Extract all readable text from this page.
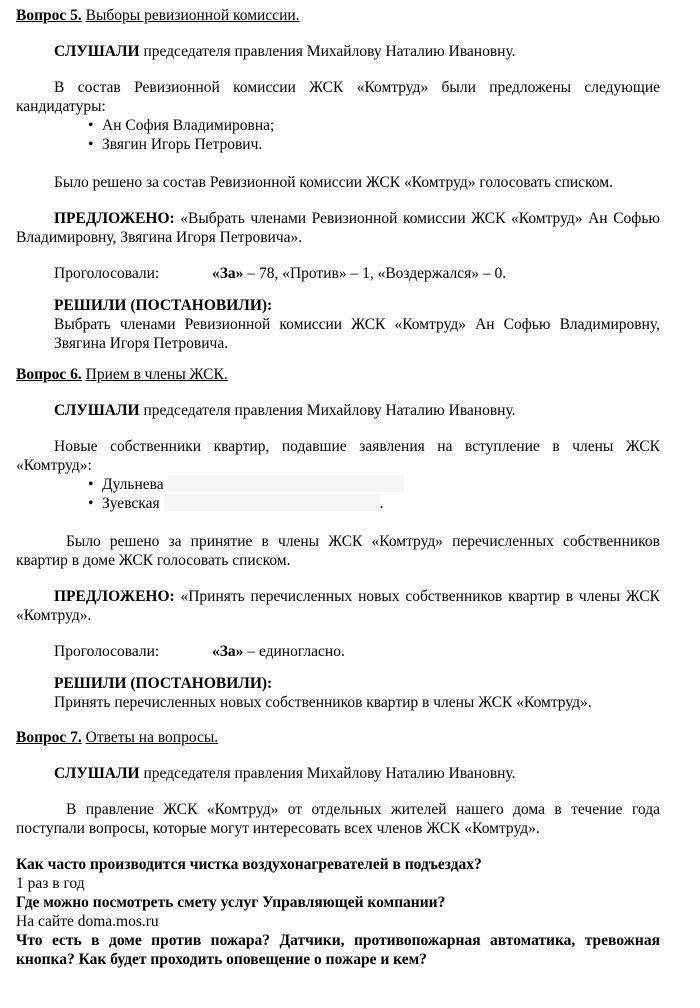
Вопрос 5. Выборы ревизионной комиссии.

СЛУШАЛИ председателя правления Михайлову Наталию Ивановну.

В состав Ревизионной комиссии ЖСК «Комтруд» были предложены следующие кандидатуры:

• Ан София Владимировна;
• Звягин Игорь Петрович.

Было решено за состав Ревизионной комиссии ЖСК «Комтруд» голосовать списком.

ПРЕДЛОЖЕНО: «Выбрать членами Ревизионной комиссии ЖСК «Комтруд» Ан Софью Владимировну, Звягина Игоря Петровича».

Проголосовали:	«За» – 78, «Против» – 1, «Воздержался» – 0.

РЕШИЛИ (ПОСТАНОВИЛИ):

Выбрать членами Ревизионной комиссии ЖСК «Комтруд» Ан Софью Владимировну, Звягина Игоря Петровича.

Вопрос 6. Прием в члены ЖСК.

СЛУШАЛИ председателя правления Михайлову Наталию Ивановну.

Новые собственники квартир, подавшие заявления на вступление в члены ЖСК «Комтруд»:

• Дульнева
• Зуевская	.

Было решено за принятие в члены ЖСК «Комтруд» перечисленных собственников квартир в доме ЖСК голосовать списком.

ПРЕДЛОЖЕНО: «Принять перечисленных новых собственников квартир в члены ЖСК «Комтруд».

Проголосовали:	«За» – единогласно.

РЕШИЛИ (ПОСТАНОВИЛИ):

Принять перечисленных новых собственников квартир в члены ЖСК «Комтруд».

Вопрос 7. Ответы на вопросы.

СЛУШАЛИ председателя правления Михайлову Наталию Ивановну.

В правление ЖСК «Комтруд» от отдельных жителей нашего дома в течение года поступали вопросы, которые могут интересовать всех членов ЖСК «Комтруд».

Как часто производится чистка воздухонагревателей в подъездах?

1 раз в год

Где можно посмотреть смету услуг Управляющей компании?

На сайте doma.mos.ru

Что есть в доме против пожара? Датчики, противопожарная автоматика, тревожная кнопка? Как будет проходить оповещение о пожаре и кем?
